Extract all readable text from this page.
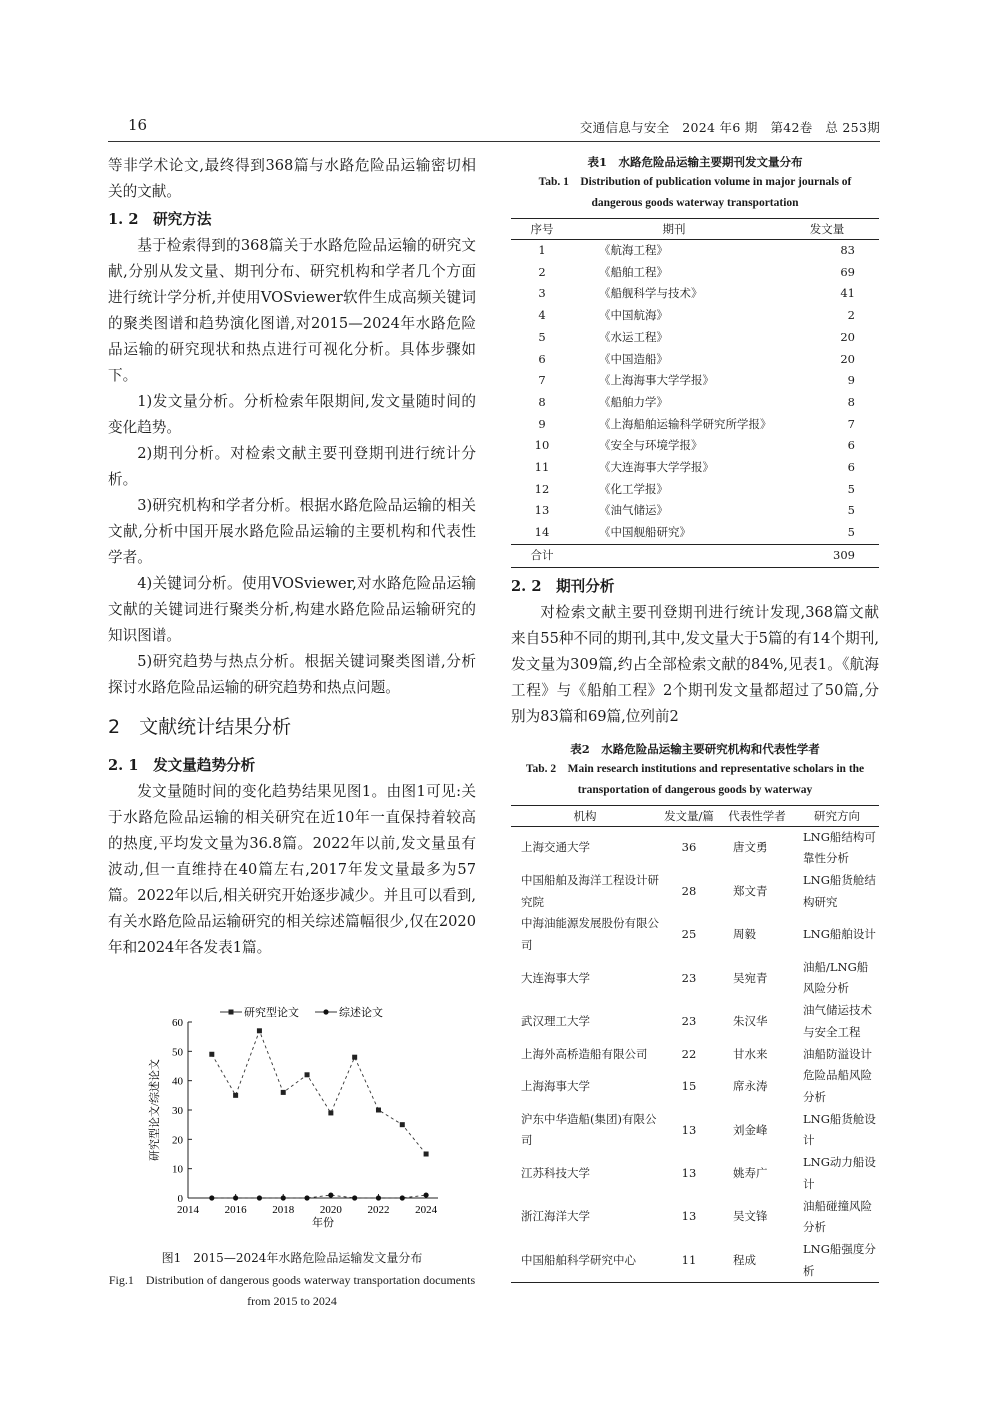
16	交通信息与安全　2024 年6 期　第42卷　总 253期

等非学术论文,最终得到368篇与水路危险品运输密切相关的文献。

1. 2　研究方法

基于检索得到的368篇关于水路危险品运输的研究文献,分别从发文量、期刊分布、研究机构和学者几个方面进行统计学分析,并使用VOSviewer软件生成高频关键词的聚类图谱和趋势演化图谱,对2015—2024年水路危险品运输的研究现状和热点进行可视化分析。具体步骤如下。

1)发文量分析。分析检索年限期间,发文量随时间的变化趋势。

2)期刊分析。对检索文献主要刊登期刊进行统计分析。

3)研究机构和学者分析。根据水路危险品运输的相关文献,分析中国开展水路危险品运输的主要机构和代表性学者。

4)关键词分析。使用VOSviewer,对水路危险品运输文献的关键词进行聚类分析,构建水路危险品运输研究的知识图谱。

5)研究趋势与热点分析。根据关键词聚类图谱,分析探讨水路危险品运输的研究趋势和热点问题。

2　文献统计结果分析
2. 1　发文量趋势分析

发文量随时间的变化趋势结果见图1。由图1可见:关于水路危险品运输的相关研究在近10年一直保持着较高的热度,平均发文量为36.8篇。2022年以前,发文量虽有波动,但一直维持在40篇左右,2017年发文量最多为57篇。2022年以后,相关研究开始逐步减少。并且可以看到,有关水路危险品运输研究的相关综述篇幅很少,仅在2020年和2024年各发表1篇。

0
10
20
30
40
50
60
2014 2016 2018 2020 2022 2024
年份
研究型论文/综述论文
研究型论文	综述论文
图1　2015—2024年水路危险品运输发文量分布
Fig.1　Distribution of dangerous goods waterway transportation documents from 2015 to 2024
表1　水路危险品运输主要期刊发文量分布
Tab. 1　Distribution of publication volume in major journals of dangerous goods waterway transportation
序号	期刊	发文量
1	《航海工程》	83
2	《船舶工程》	69
3	《船舰科学与技术》	41
4	《中国航海》	2
5	《水运工程》	20
6	《中国造船》	20
7	《上海海事大学学报》	9
8	《船舶力学》	8
9	《上海船舶运输科学研究所学报》	7
10	《安全与环境学报》	6
11	《大连海事大学学报》	6
12	《化工学报》	5
13	《油气储运》	5
14	《中国舰船研究》	5
合计		309
2. 2　期刊分析

对检索文献主要刊登期刊进行统计发现,368篇文献来自55种不同的期刊,其中,发文量大于5篇的有14个期刊,发文量为309篇,约占全部检索文献的84%,见表1。《航海工程》与《船舶工程》2个期刊发文量都超过了50篇,分别为83篇和69篇,位列前2

表2　水路危险品运输主要研究机构和代表性学者
Tab. 2　Main research institutions and representative scholars in the transportation of dangerous goods by waterway
机构	发文量/篇	代表性学者	研究方向
上海交通大学	36	唐文勇	LNG船结构可靠性分析
中国船舶及海洋工程设计研究院	28	郑文青	LNG船货舱结构研究
中海油能源发展股份有限公司	25	周毅	LNG船舶设计
大连海事大学	23	吴宛青	油船/LNG船风险分析
武汉理工大学	23	朱汉华	油气储运技术与安全工程
上海外高桥造船有限公司	22	甘水来	油船防溢设计
上海海事大学	15	席永涛	危险品船风险分析
沪东中华造船(集团)有限公司	13	刘金峰	LNG船货舱设计
江苏科技大学	13	姚寿广	LNG动力船设计
浙江海洋大学	13	吴文锋	油船碰撞风险分析
中国船舶科学研究中心	11	程成	LNG船强度分析
